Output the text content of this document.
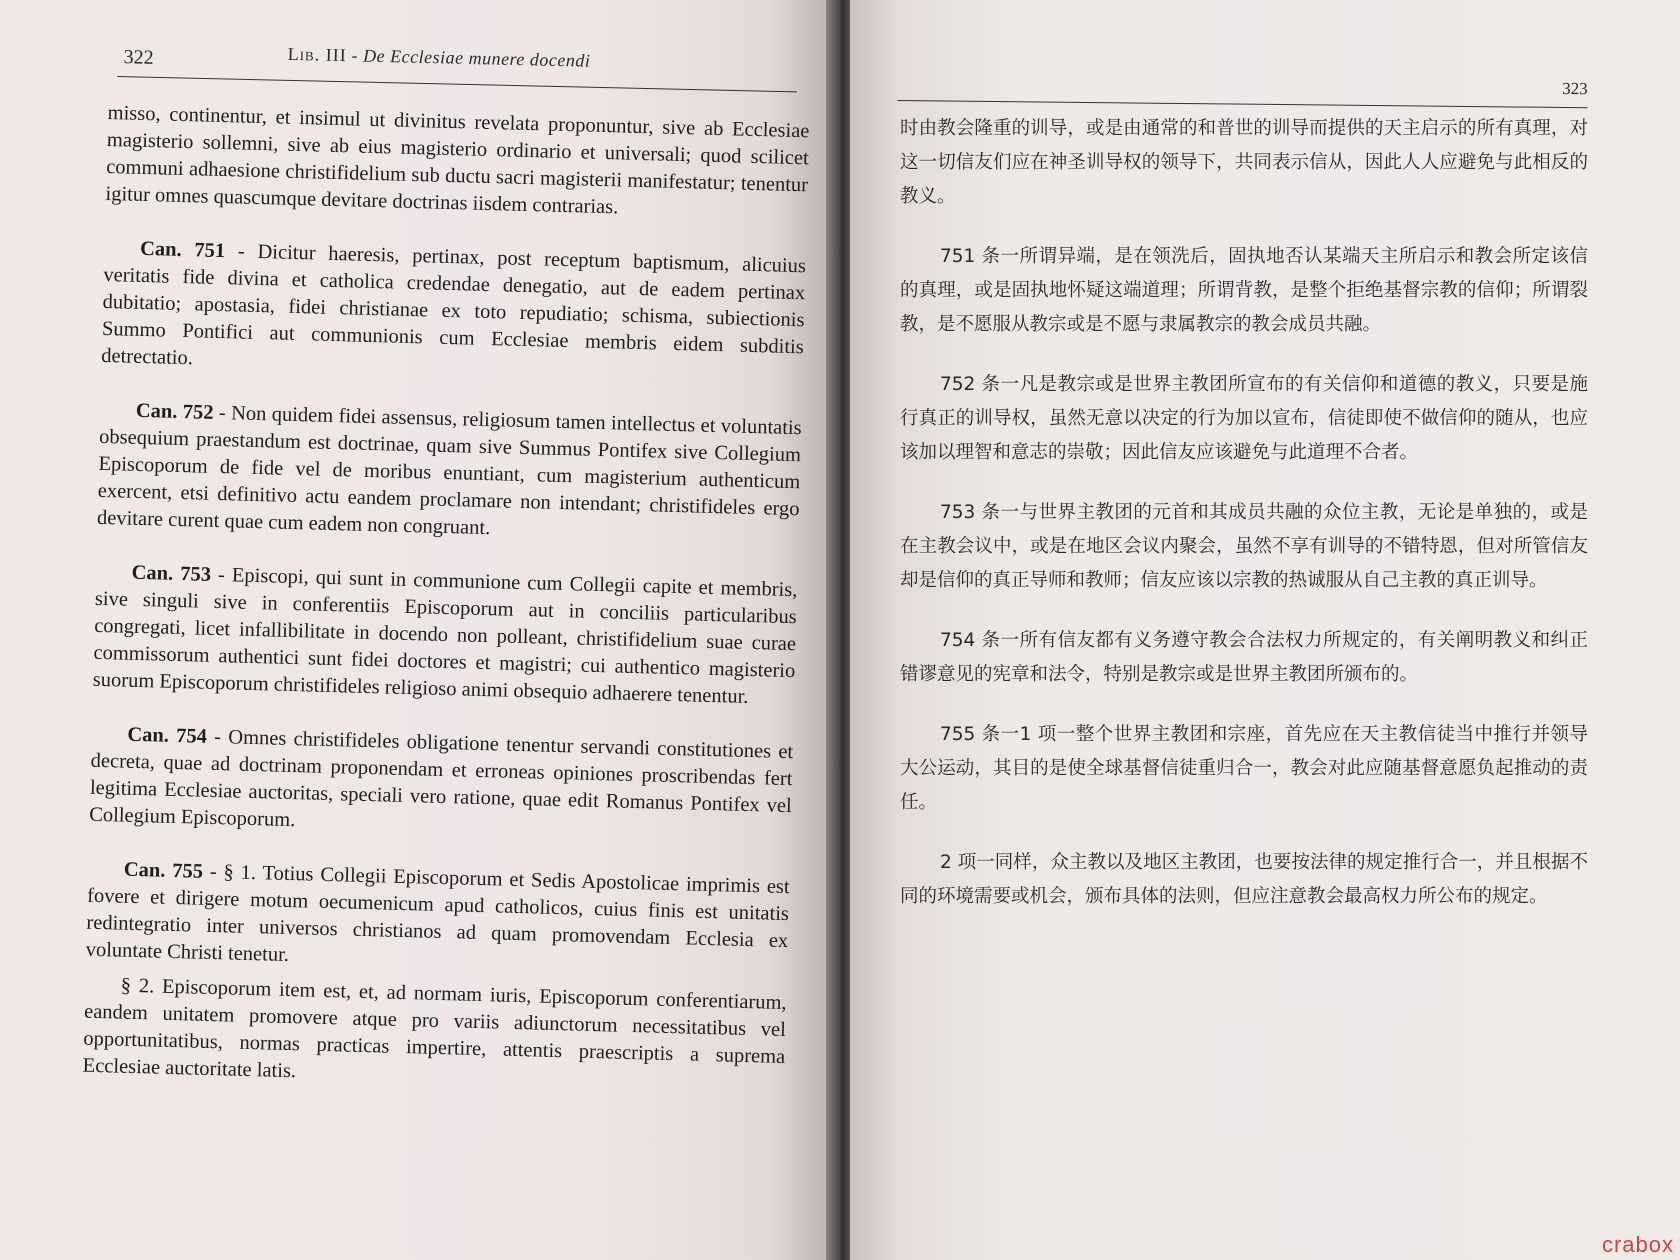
322	Lib. III - De Ecclesiae munere docendi

misso, continentur, et insimul ut divinitus revelata proponuntur, sive ab Ecclesiae magisterio sollemni, sive ab eius magisterio ordinario et universali; quod scilicet communi adhaesione christifidelium sub ductu sacri magisterii manifestatur; tenentur igitur omnes quascumque devitare doctrinas iisdem contrarias.

Can. 751 - Dicitur haeresis, pertinax, post receptum baptismum, alicuius veritatis fide divina et catholica credendae denegatio, aut de eadem pertinax dubitatio; apostasia, fidei christianae ex toto repudiatio; schisma, subiectionis Summo Pontifici aut communionis cum Ecclesiae membris eidem subditis detrectatio.

Can. 752 - Non quidem fidei assensus, religiosum tamen intellectus et voluntatis obsequium praestandum est doctrinae, quam sive Summus Pontifex sive Collegium Episcoporum de fide vel de moribus enuntiant, cum magisterium authenticum exercent, etsi definitivo actu eandem proclamare non intendant; christifideles ergo devitare curent quae cum eadem non congruant.

Can. 753 - Episcopi, qui sunt in communione cum Collegii capite et membris, sive singuli sive in conferentiis Episcoporum aut in conciliis particularibus congregati, licet infallibilitate in docendo non polleant, christifidelium suae curae commissorum authentici sunt fidei doctores et magistri; cui authentico magisterio suorum Episcoporum christifideles religioso animi obsequio adhaerere tenentur.

Can. 754 - Omnes christifideles obligatione tenentur servandi constitutiones et decreta, quae ad doctrinam proponendam et erroneas opiniones proscribendas fert legitima Ecclesiae auctoritas, speciali vero ratione, quae edit Romanus Pontifex vel Collegium Episcoporum.

Can. 755 - § 1. Totius Collegii Episcoporum et Sedis Apostolicae imprimis est fovere et dirigere motum oecumenicum apud catholicos, cuius finis est unitatis redintegratio inter universos christianos ad quam promovendam Ecclesia ex voluntate Christi tenetur.

§ 2. Episcoporum item est, et, ad normam iuris, Episcoporum conferentiarum, eandem unitatem promovere atque pro variis adiunctorum necessitatibus vel opportunitatibus, normas practicas impertire, attentis praescriptis a suprema Ecclesiae auctoritate latis.

323

时由教会隆重的训导，或是由通常的和普世的训导而提供的天主启示的所有真理，对这一切信友们应在神圣训导权的领导下，共同表示信从，因此人人应避免与此相反的教义。

751 条一所谓异端，是在领洗后，固执地否认某端天主所启示和教会所定该信的真理，或是固执地怀疑这端道理；所谓背教，是整个拒绝基督宗教的信仰；所谓裂教，是不愿服从教宗或是不愿与隶属教宗的教会成员共融。

752 条一凡是教宗或是世界主教团所宣布的有关信仰和道德的教义，只要是施行真正的训导权，虽然无意以决定的行为加以宣布，信徒即使不做信仰的随从，也应该加以理智和意志的崇敬；因此信友应该避免与此道理不合者。

753 条一与世界主教团的元首和其成员共融的众位主教，无论是单独的，或是在主教会议中，或是在地区会议内聚会，虽然不享有训导的不错特恩，但对所管信友却是信仰的真正导师和教师；信友应该以宗教的热诚服从自己主教的真正训导。

754 条一所有信友都有义务遵守教会合法权力所规定的，有关阐明教义和纠正错谬意见的宪章和法令，特别是教宗或是世界主教团所颁布的。

755 条一1 项一整个世界主教团和宗座，首先应在天主教信徒当中推行并领导大公运动，其目的是使全球基督信徒重归合一，教会对此应随基督意愿负起推动的责任。

2 项一同样，众主教以及地区主教团，也要按法律的规定推行合一，并且根据不同的环境需要或机会，颁布具体的法则，但应注意教会最高权力所公布的规定。

crabox
